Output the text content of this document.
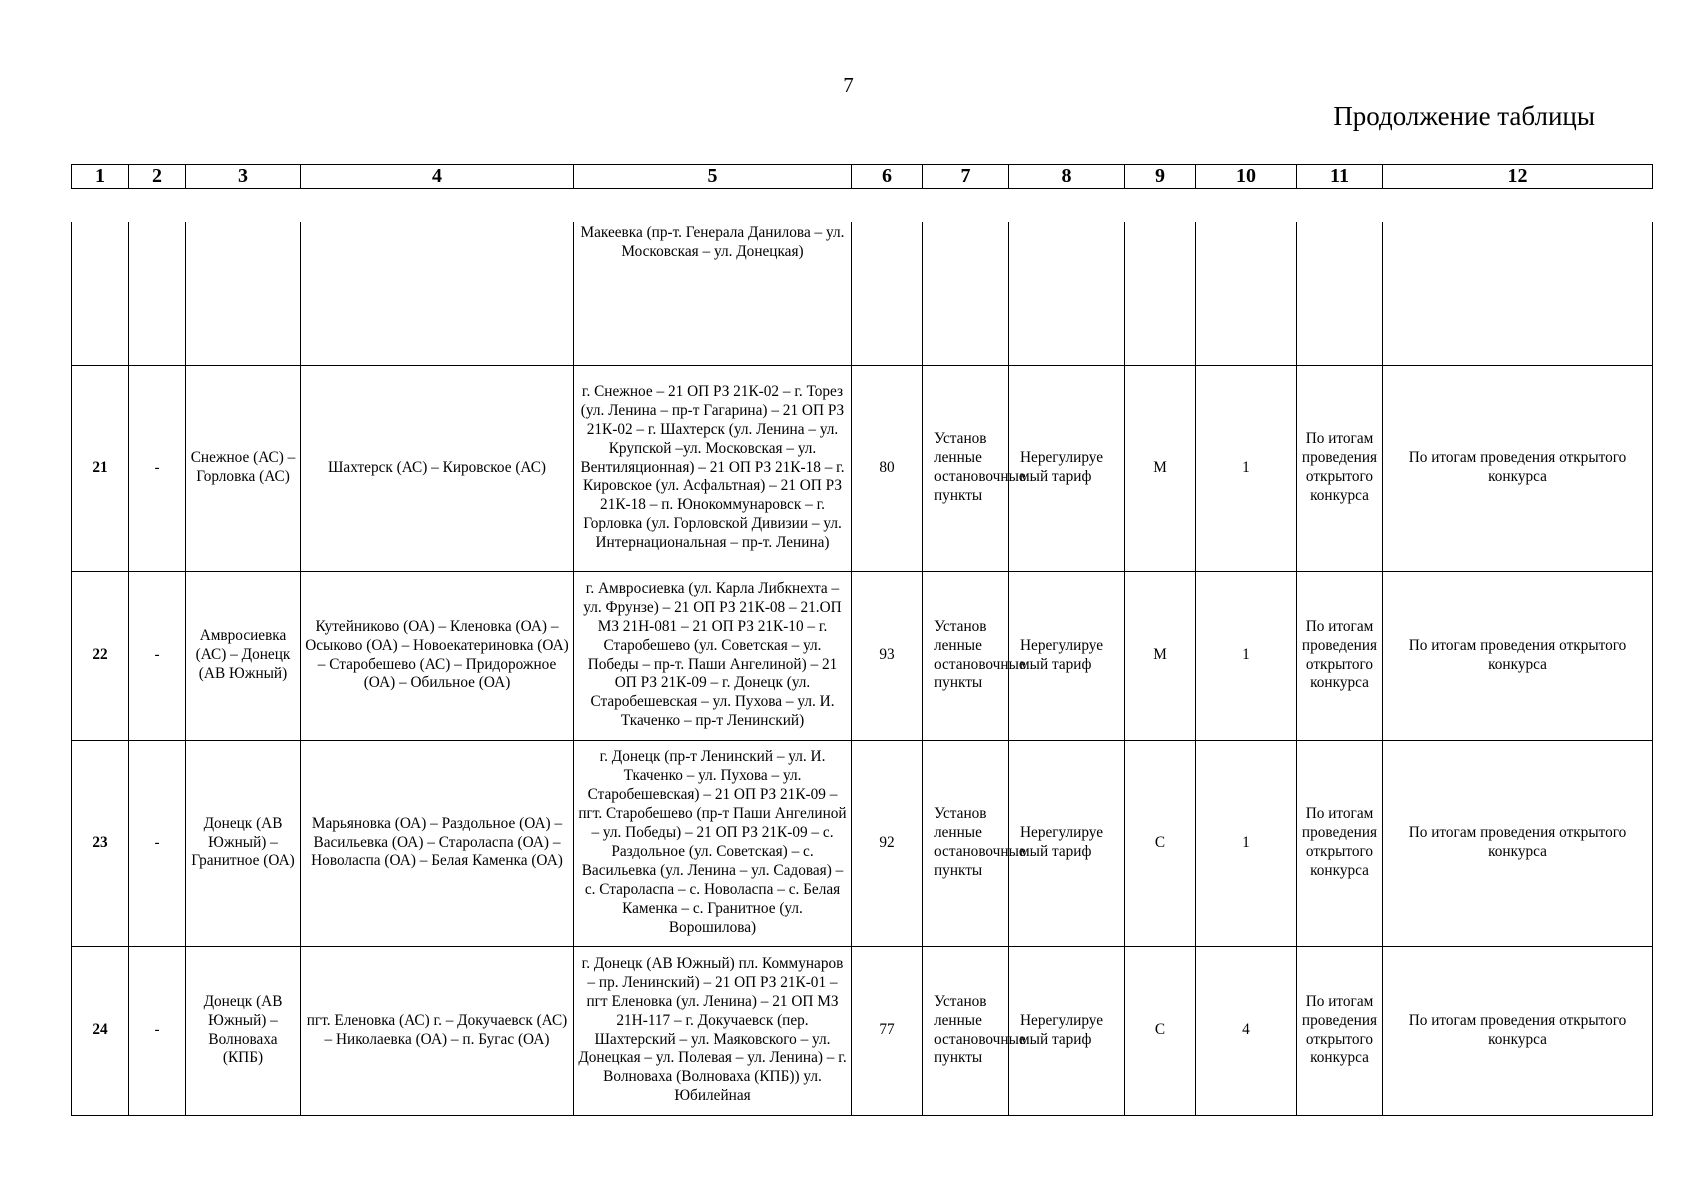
7
Продолжение таблицы
1	2	3	4	5	6	7	8	9	10	11	12
				Макеевка (пр-т. Генерала Данилова – ул. Московская – ул. Донецкая)							
21	-	Снежное (АС) – Горловка (АС)	Шахтерск (АС) – Кировское (АС)	г. Снежное – 21 ОП РЗ 21К-02 – г. Торез (ул. Ленина – пр-т Гагарина) – 21 ОП РЗ 21К-02 – г. Шахтерск (ул. Ленина – ул. Крупской –ул. Московская – ул. Вентиляционная) – 21 ОП РЗ 21К-18 – г. Кировское (ул. Асфальтная) – 21 ОП РЗ 21К-18 – п. Юнокоммунаровск – г. Горловка (ул. Горловской Дивизии – ул. Интернациональная – пр-т. Ленина)	80	Установ ленные остановочные пункты	Нерегулируе мый тариф	М	1	По итогам проведения открытого конкурса	По итогам проведения открытого конкурса
22	-	Амвросиевка (АС) – Донецк (АВ Южный)	Кутейниково (ОА) – Кленовка (ОА) – Осыково (ОА) – Новоекатериновка (ОА) – Старобешево (АС) – Придорожное (ОА) – Обильное (ОА)	г. Амвросиевка (ул. Карла Либкнехта – ул. Фрунзе) – 21 ОП РЗ 21К-08 – 21.ОП МЗ 21Н-081 – 21 ОП РЗ 21К-10 – г. Старобешево (ул. Советская – ул. Победы – пр-т. Паши Ангелиной) – 21 ОП РЗ 21К-09 – г. Донецк (ул. Старобешевская – ул. Пухова – ул. И. Ткаченко – пр-т Ленинский)	93	Установ ленные остановочные пункты	Нерегулируе мый тариф	М	1	По итогам проведения открытого конкурса	По итогам проведения открытого конкурса
23	-	Донецк (АВ Южный) – Гранитное (ОА)	Марьяновка (ОА) – Раздольное (ОА) – Васильевка (ОА) – Староласпа (ОА) – Новоласпа (ОА) – Белая Каменка (ОА)	г. Донецк (пр-т Ленинский – ул. И. Ткаченко – ул. Пухова – ул. Старобешевская) – 21 ОП РЗ 21К-09 – пгт. Старобешево (пр-т Паши Ангелиной – ул. Победы) – 21 ОП РЗ 21К-09 – с. Раздольное (ул. Советская) – с. Васильевка (ул. Ленина – ул. Садовая) – с. Староласпа – с. Новоласпа – с. Белая Каменка – с. Гранитное (ул. Ворошилова)	92	Установ ленные остановочные пункты	Нерегулируе мый тариф	С	1	По итогам проведения открытого конкурса	По итогам проведения открытого конкурса
24	-	Донецк (АВ Южный) – Волноваха (КПБ)	пгт. Еленовка (АС) г. – Докучаевск (АС) – Николаевка (ОА) – п. Бугас (ОА)	г. Донецк (АВ Южный) пл. Коммунаров – пр. Ленинский) – 21 ОП РЗ 21К-01 – пгт Еленовка (ул. Ленина) – 21 ОП МЗ 21Н-117 – г. Докучаевск (пер. Шахтерский – ул. Маяковского – ул. Донецкая – ул. Полевая – ул. Ленина) – г. Волноваха (Волноваха (КПБ)) ул. Юбилейная	77	Установ ленные остановочные пункты	Нерегулируе мый тариф	С	4	По итогам проведения открытого конкурса	По итогам проведения открытого конкурса
